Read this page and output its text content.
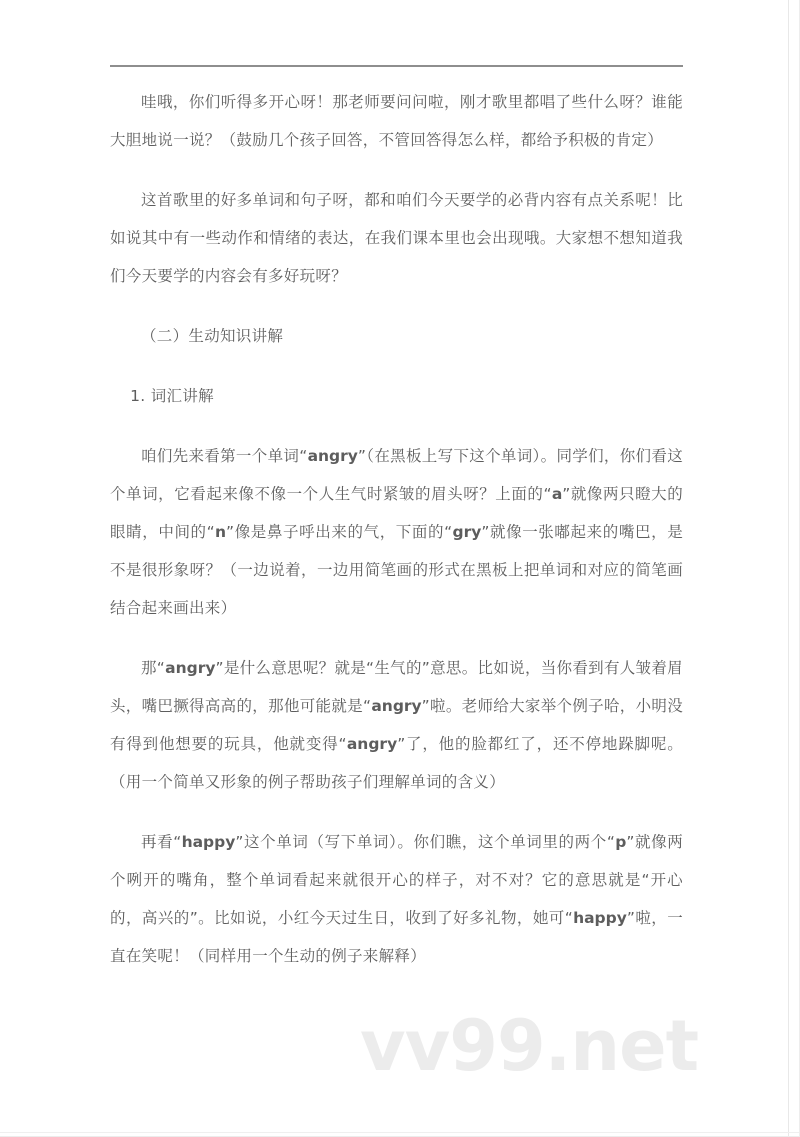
哇哦，你们听得多开心呀！那老师要问问啦，刚才歌里都唱了些什么呀？谁能大胆地说一说？（鼓励几个孩子回答，不管回答得怎么样，都给予积极的肯定）

这首歌里的好多单词和句子呀，都和咱们今天要学的必背内容有点关系呢！比如说其中有一些动作和情绪的表达，在我们课本里也会出现哦。大家想不想知道我们今天要学的内容会有多好玩呀？

（二）生动知识讲解

1. 词汇讲解

咱们先来看第一个单词“angry”（在黑板上写下这个单词）。同学们，你们看这个单词，它看起来像不像一个人生气时紧皱的眉头呀？上面的“a”就像两只瞪大的眼睛，中间的“n”像是鼻子呼出来的气，下面的“gry”就像一张嘟起来的嘴巴，是不是很形象呀？（一边说着，一边用简笔画的形式在黑板上把单词和对应的简笔画结合起来画出来）

那“angry”是什么意思呢？就是“生气的”意思。比如说，当你看到有人皱着眉头，嘴巴撅得高高的，那他可能就是“angry”啦。老师给大家举个例子哈，小明没有得到他想要的玩具，他就变得“angry”了，他的脸都红了，还不停地跺脚呢。（用一个简单又形象的例子帮助孩子们理解单词的含义）

再看“happy”这个单词（写下单词）。你们瞧，这个单词里的两个“p”就像两个咧开的嘴角，整个单词看起来就很开心的样子，对不对？它的意思就是“开心的，高兴的”。比如说，小红今天过生日，收到了好多礼物，她可“happy”啦，一直在笑呢！（同样用一个生动的例子来解释）

vv99.net
